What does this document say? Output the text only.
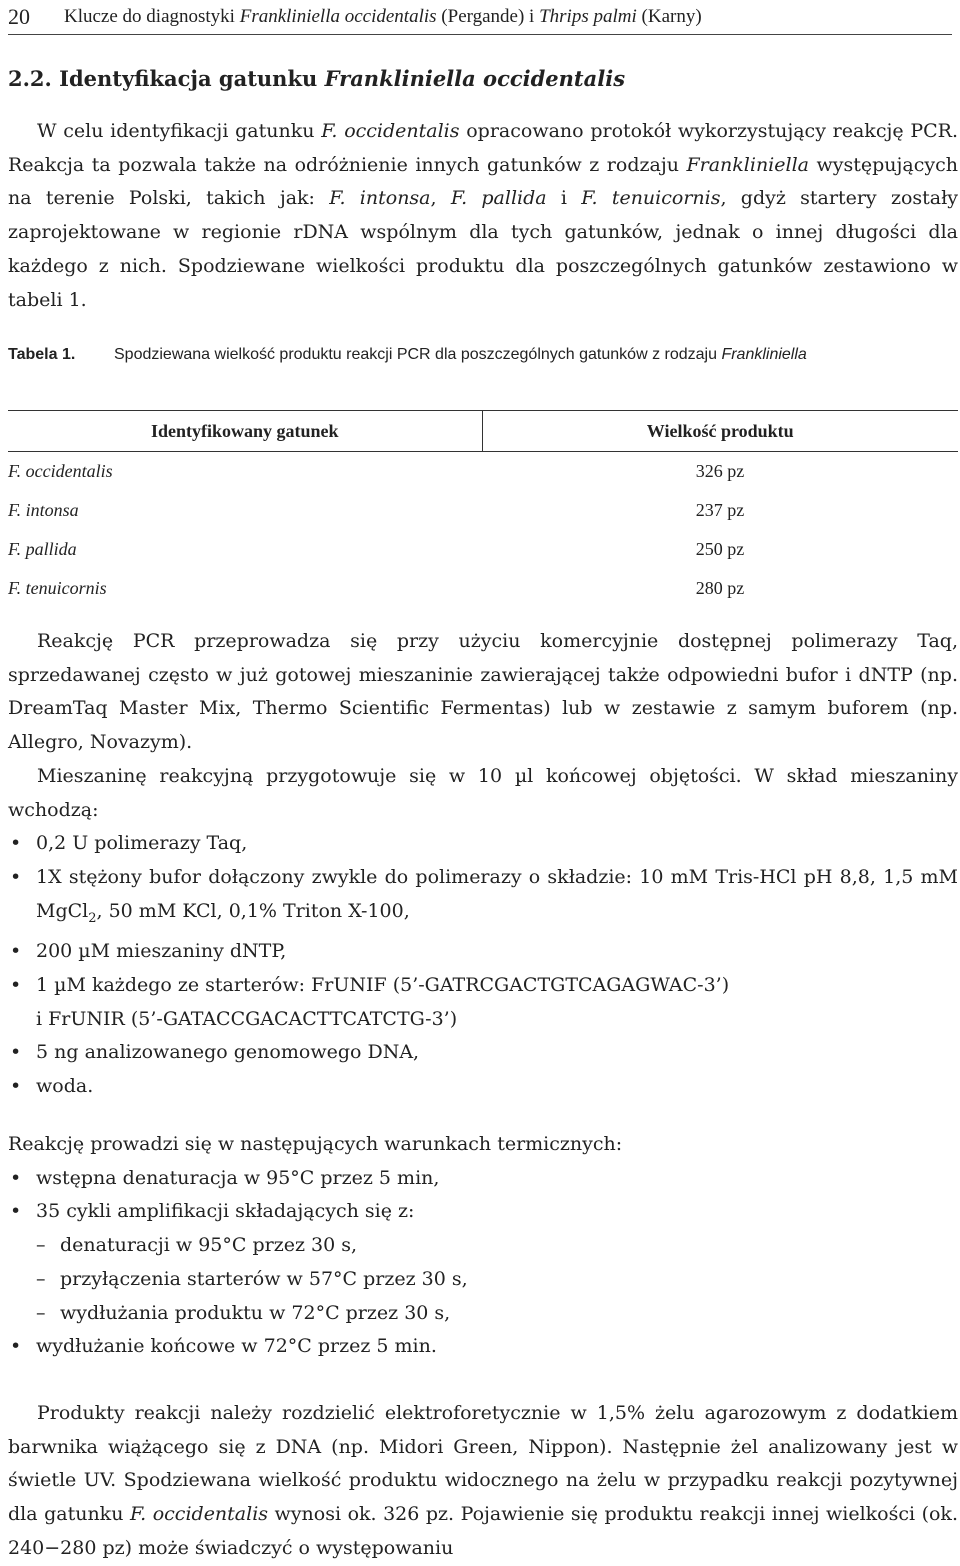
20 Klucze do diagnostyki Frankliniella occidentalis (Pergande) i Thrips palmi (Karny)
2.2. Identyfikacja gatunku Frankliniella occidentalis

W celu identyfikacji gatunku F. occidentalis opracowano protokół wykorzystujący reakcję PCR. Reakcja ta pozwala także na odróżnienie innych gatunków z rodzaju Frankliniella występujących na terenie Polski, takich jak: F. intonsa, F. pallida i F. tenuicornis, gdyż startery zostały zaprojektowane w regionie rDNA wspólnym dla tych gatunków, jednak o innej długości dla każdego z nich. Spodziewane wielkości produktu dla poszczególnych gatunków zestawiono w tabeli 1.

Tabela 1. Spodziewana wielkość produktu reakcji PCR dla poszczególnych gatunków z rodzaju Frankliniella
Identyfikowany gatunek	Wielkość produktu
F. occidentalis	326 pz
F. intonsa	237 pz
F. pallida	250 pz
F. tenuicornis	280 pz

Reakcję PCR przeprowadza się przy użyciu komercyjnie dostępnej polimerazy Taq, sprzedawanej często w już gotowej mieszaninie zawierającej także odpowiedni bufor i dNTP (np. DreamTaq Master Mix, Thermo Scientific Fermentas) lub w zestawie z samym buforem (np. Allegro, Novazym).

Mieszaninę reakcyjną przygotowuje się w 10 µl końcowej objętości. W skład mieszaniny wchodzą:

• 0,2 U polimerazy Taq,
• 1X stężony bufor dołączony zwykle do polimerazy o składzie: 10 mM Tris-HCl pH 8,8, 1,5 mM MgCl$_2$, 50 mM KCl, 0,1% Triton X-100,
• 200 µM mieszaniny dNTP,
• 1 µM każdego ze starterów: FrUNIF (5’-GATRCGACTGTCAGAGWAC-3’)
i FrUNIR (5’-GATACCGACACTTCATCTG-3’)
• 5 ng analizowanego genomowego DNA,
• woda.

Reakcję prowadzi się w następujących warunkach termicznych:

• wstępna denaturacja w 95°C przez 5 min,
• 35 cykli amplifikacji składających się z:
– denaturacji w 95°C przez 30 s,
– przyłączenia starterów w 57°C przez 30 s,
– wydłużania produktu w 72°C przez 30 s,
• wydłużanie końcowe w 72°C przez 5 min.

Produkty reakcji należy rozdzielić elektroforetycznie w 1,5% żelu agarozowym z dodatkiem barwnika wiążącego się z DNA (np. Midori Green, Nippon). Następnie żel analizowany jest w świetle UV. Spodziewana wielkość produktu widocznego na żelu w przypadku reakcji pozytywnej dla gatunku F. occidentalis wynosi ok. 326 pz. Pojawienie się produktu reakcji innej wielkości (ok. 240−280 pz) może świadczyć o występowaniu
